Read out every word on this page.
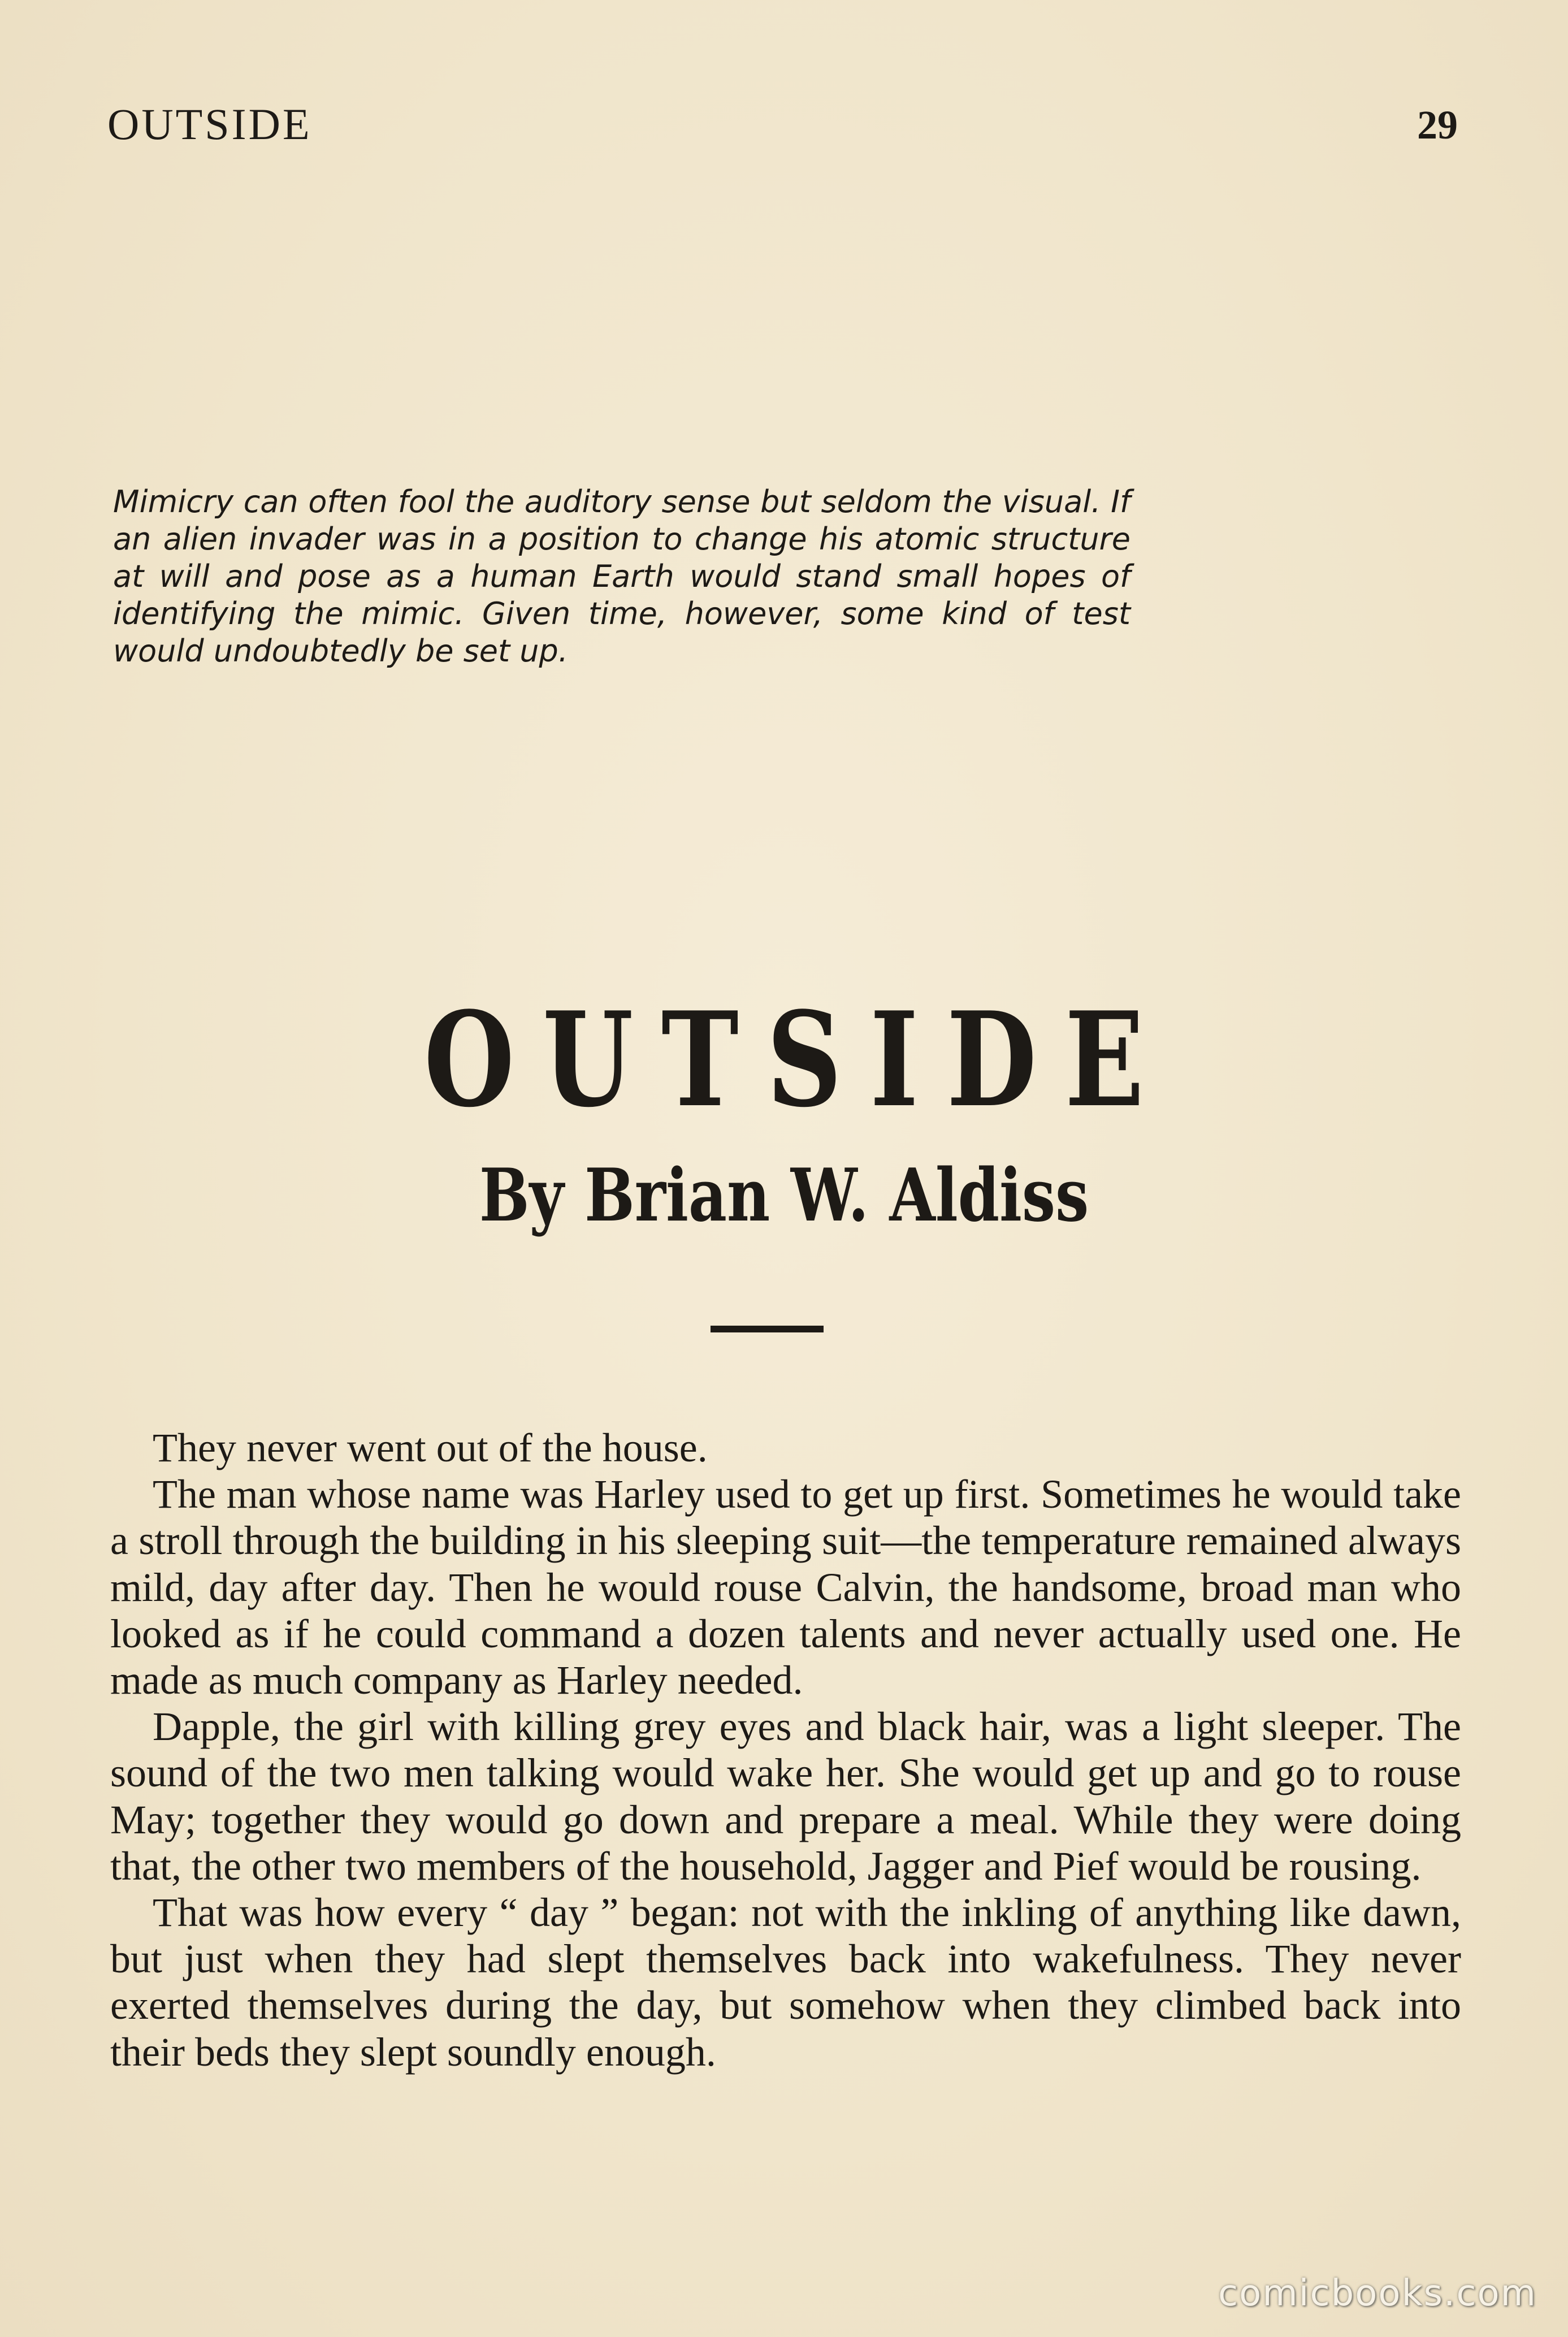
OUTSIDE	29
Mimicry can often fool the auditory sense but seldom the visual. If an alien invader was in a position to change his atomic structure at will and pose as a human Earth would stand small hopes of identifying the mimic. Given time, however, some kind of test would undoubtedly be set up.
OUTSIDE
By Brian W. Aldiss

They never went out of the house.

The man whose name was Harley used to get up first. Sometimes he would take a stroll through the building in his sleeping suit—the temperature remained always mild, day after day. Then he would rouse Calvin, the handsome, broad man who looked as if he could command a dozen talents and never actually used one. He made as much company as Harley needed.

Dapple, the girl with killing grey eyes and black hair, was a light sleeper. The sound of the two men talking would wake her. She would get up and go to rouse May; together they would go down and prepare a meal. While they were doing that, the other two members of the household, Jagger and Pief would be rousing.

That was how every “ day ” began: not with the inkling of anything like dawn, but just when they had slept themselves back into wakefulness. They never exerted themselves during the day, but somehow when they climbed back into their beds they slept soundly enough.

comicbooks.com
